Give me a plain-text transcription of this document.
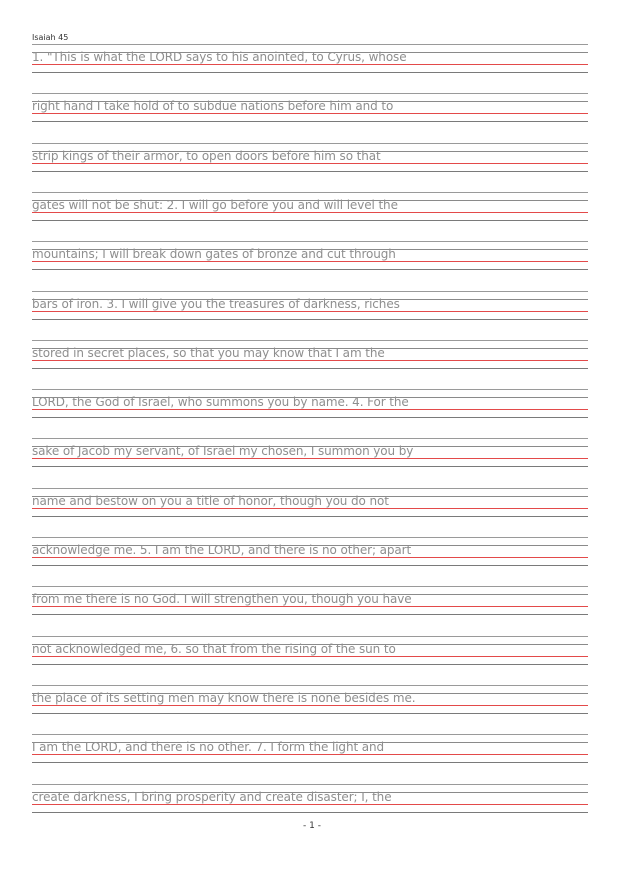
Isaiah 45
1. "This is what the LORD says to his anointed, to Cyrus, whose
right hand I take hold of to subdue nations before him and to
strip kings of their armor, to open doors before him so that
gates will not be shut: 2. I will go before you and will level the
mountains; I will break down gates of bronze and cut through
bars of iron. 3. I will give you the treasures of darkness, riches
stored in secret places, so that you may know that I am the
LORD, the God of Israel, who summons you by name. 4. For the
sake of Jacob my servant, of Israel my chosen, I summon you by
name and bestow on you a title of honor, though you do not
acknowledge me. 5. I am the LORD, and there is no other; apart
from me there is no God. I will strengthen you, though you have
not acknowledged me, 6. so that from the rising of the sun to
the place of its setting men may know there is none besides me.
I am the LORD, and there is no other. 7. I form the light and
create darkness, I bring prosperity and create disaster; I, the
- 1 -
